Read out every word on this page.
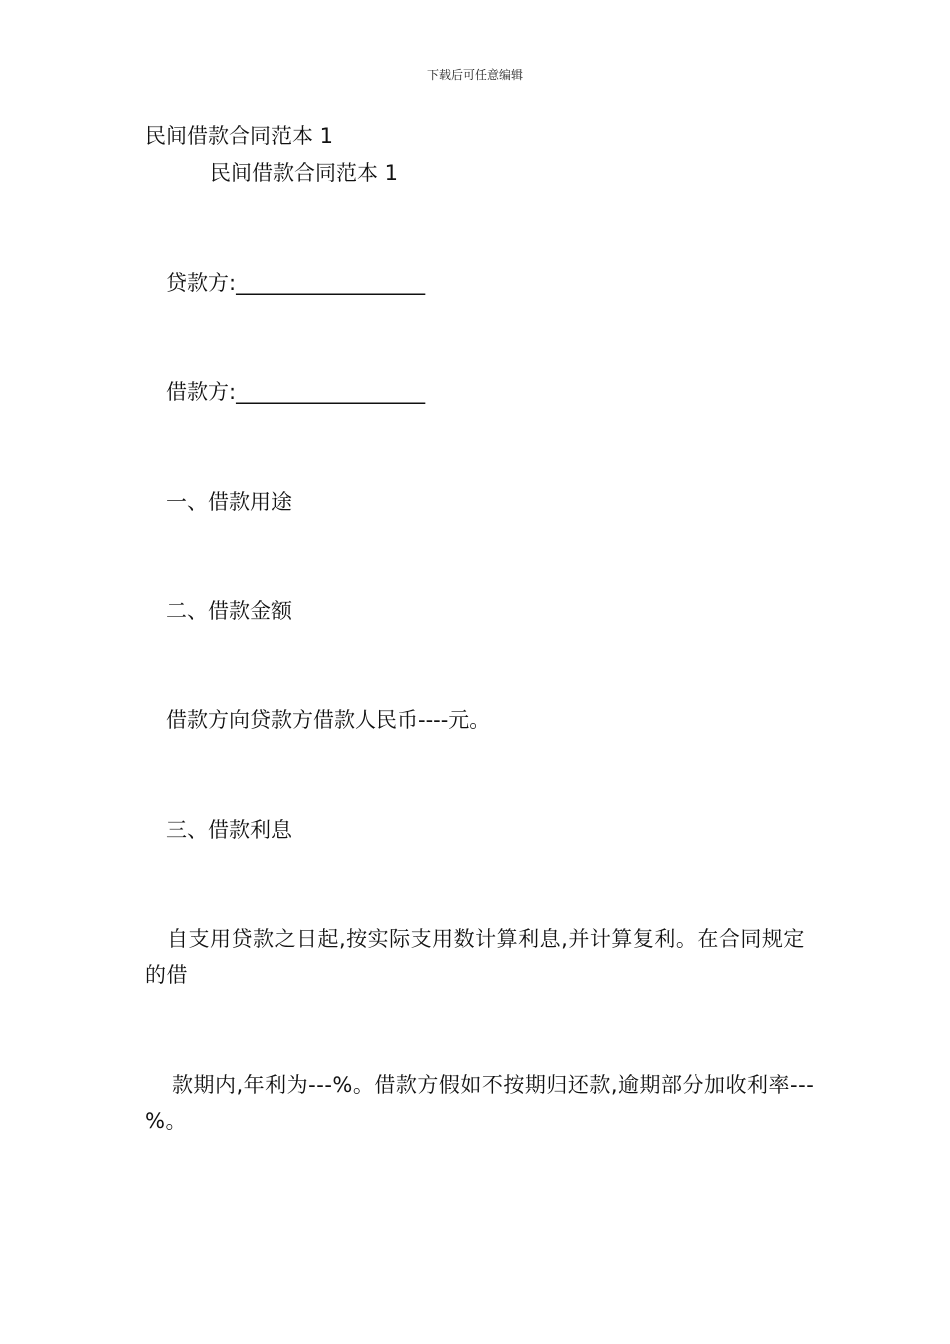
下载后可任意编辑
民间借款合同范本 1
民间借款合同范本 1
贷款方:__________________
借款方:__________________
一、借款用途
二、借款金额
借款方向贷款方借款人民币----元。
三、借款利息
自支用贷款之日起,按实际支用数计算利息,并计算复利。在合同规定的借
款期内,年利为---%。借款方假如不按期归还款,逾期部分加收利率---%。
